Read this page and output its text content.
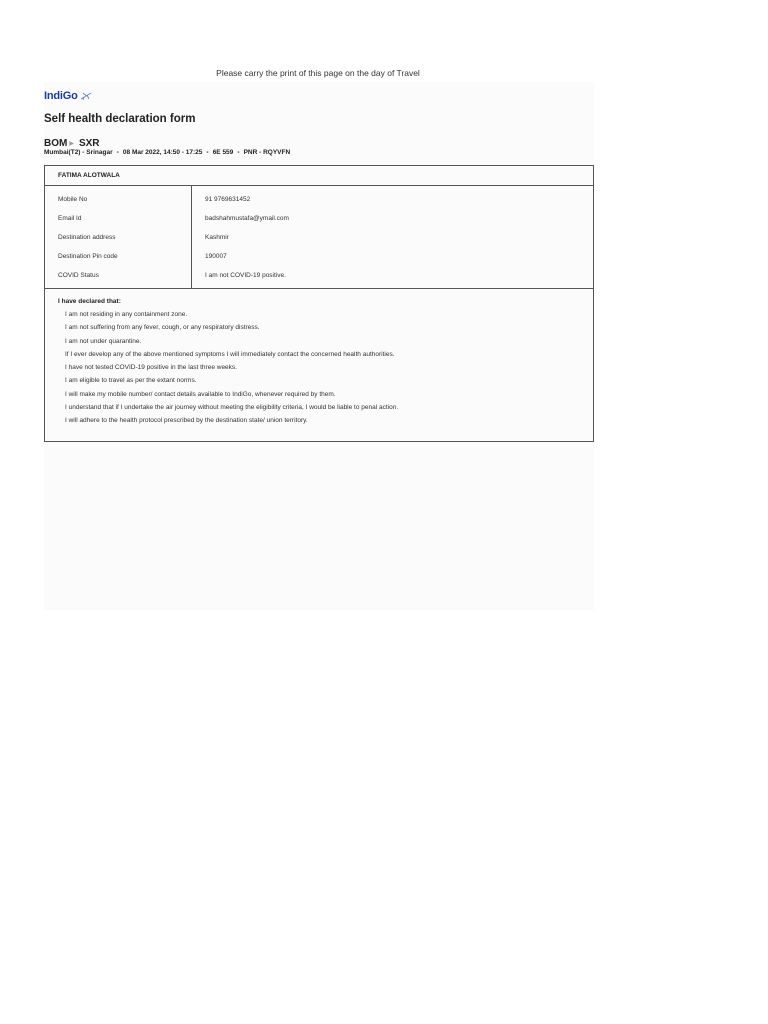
Please carry the print of this page on the day of Travel
IndiGo
Self health declaration form
BOM ▶ SXR
Mumbai(T2) - Srinagar • 08 Mar 2022, 14:50 - 17:25 • 6E 559 • PNR - RQYVFN
FATIMA ALOTWALA
Mobile No	91 9769631452
Email Id	badshahmustafa@ymail.com
Destination address	Kashmir
Destination Pin code	190007
COVID Status	I am not COVID-19 positive.
I have declared that:
I am not residing in any containment zone.
I am not suffering from any fever, cough, or any respiratory distress.
I am not under quarantine.
If I ever develop any of the above mentioned symptoms I will immediately contact the concerned health authorities.
I have not tested COVID-19 positive in the last three weeks.
I am eligible to travel as per the extant norms.
I will make my mobile number/ contact details available to IndiGo, whenever required by them.
I understand that if I undertake the air journey without meeting the eligibility criteria, I would be liable to penal action.
I will adhere to the health protocol prescribed by the destination state/ union territory.
